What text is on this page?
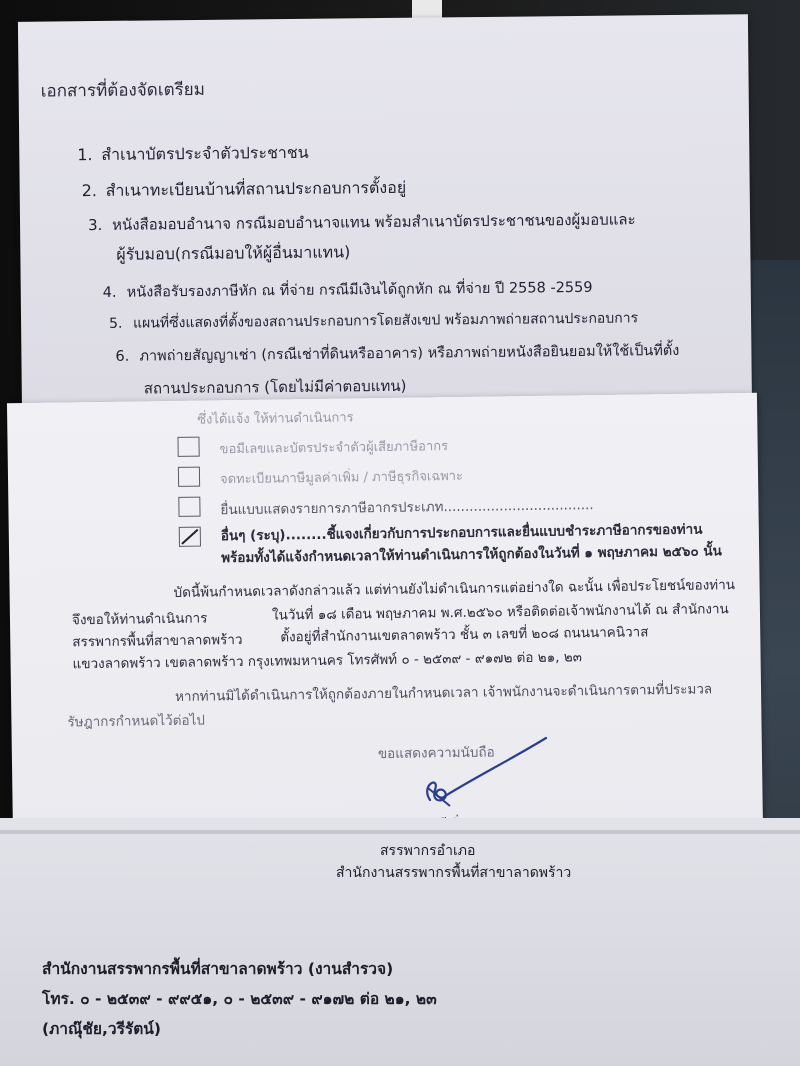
เอกสารที่ต้องจัดเตรียม
1. สำเนาบัตรประจำตัวประชาชน
2. สำเนาทะเบียนบ้านที่สถานประกอบการตั้งอยู่
3. หนังสือมอบอำนาจ กรณีมอบอำนาจแทน พร้อมสำเนาบัตรประชาชนของผู้มอบและ
ผู้รับมอบ(กรณีมอบให้ผู้อื่นมาแทน)
4. หนังสือรับรองภาษีหัก ณ ที่จ่าย กรณีมีเงินได้ถูกหัก ณ ที่จ่าย ปี 2558 -2559
5. แผนที่ซึ่งแสดงที่ตั้งของสถานประกอบการโดยสังเขป พร้อมภาพถ่ายสถานประกอบการ
6. ภาพถ่ายสัญญาเช่า (กรณีเช่าที่ดินหรืออาคาร) หรือภาพถ่ายหนังสือยินยอมให้ใช้เป็นที่ตั้ง
สถานประกอบการ (โดยไม่มีค่าตอบแทน)
ซึ่งได้แจ้ง ให้ท่านดำเนินการ
ขอมีเลขและบัตรประจำตัวผู้เสียภาษีอากร
จดทะเบียนภาษีมูลค่าเพิ่ม / ภาษีธุรกิจเฉพาะ
ยื่นแบบแสดงรายการภาษีอากรประเภท...................................
อื่นๆ (ระบุ)........ชี้แจงเกี่ยวกับการประกอบการและยื่นแบบชำระภาษีอากรของท่าน
พร้อมทั้งได้แจ้งกำหนดเวลาให้ท่านดำเนินการให้ถูกต้องในวันที่ ๑ พฤษภาคม ๒๕๖๐ นั้น
บัดนี้พ้นกำหนดเวลาดังกล่าวแล้ว แต่ท่านยังไม่ดำเนินการแต่อย่างใด ฉะนั้น เพื่อประโยชน์ของท่าน
จึงขอให้ท่านดำเนินการ	ในวันที่ ๑๘ เดือน พฤษภาคม พ.ศ.๒๕๖๐ หรือติดต่อเจ้าพนักงานได้ ณ สำนักงาน
สรรพากรพื้นที่สาขาลาดพร้าว	ตั้งอยู่ที่สำนักงานเขตลาดพร้าว ชั้น ๓ เลขที่ ๒๐๘ ถนนนาคนิวาส
แขวงลาดพร้าว เขตลาดพร้าว กรุงเทพมหานคร โทรศัพท์ ๐ - ๒๕๓๙ - ๙๑๗๒ ต่อ ๒๑, ๒๓
หากท่านมิได้ดำเนินการให้ถูกต้องภายในกำหนดเวลา เจ้าพนักงานจะดำเนินการตามที่ประมวล
รัษฎากรกำหนดไว้ต่อไป
ขอแสดงความนับถือ
สรรพากรอำเภอ
สำนักงานสรรพากรพื้นที่สาขาลาดพร้าว
สำนักงานสรรพากรพื้นที่สาขาลาดพร้าว (งานสำรวจ)
โทร. ๐ - ๒๕๓๙ - ๙๙๕๑, ๐ - ๒๕๓๙ - ๙๑๗๒ ต่อ ๒๑, ๒๓
(ภาณุ๊ชัย,วรีรัตน์)
